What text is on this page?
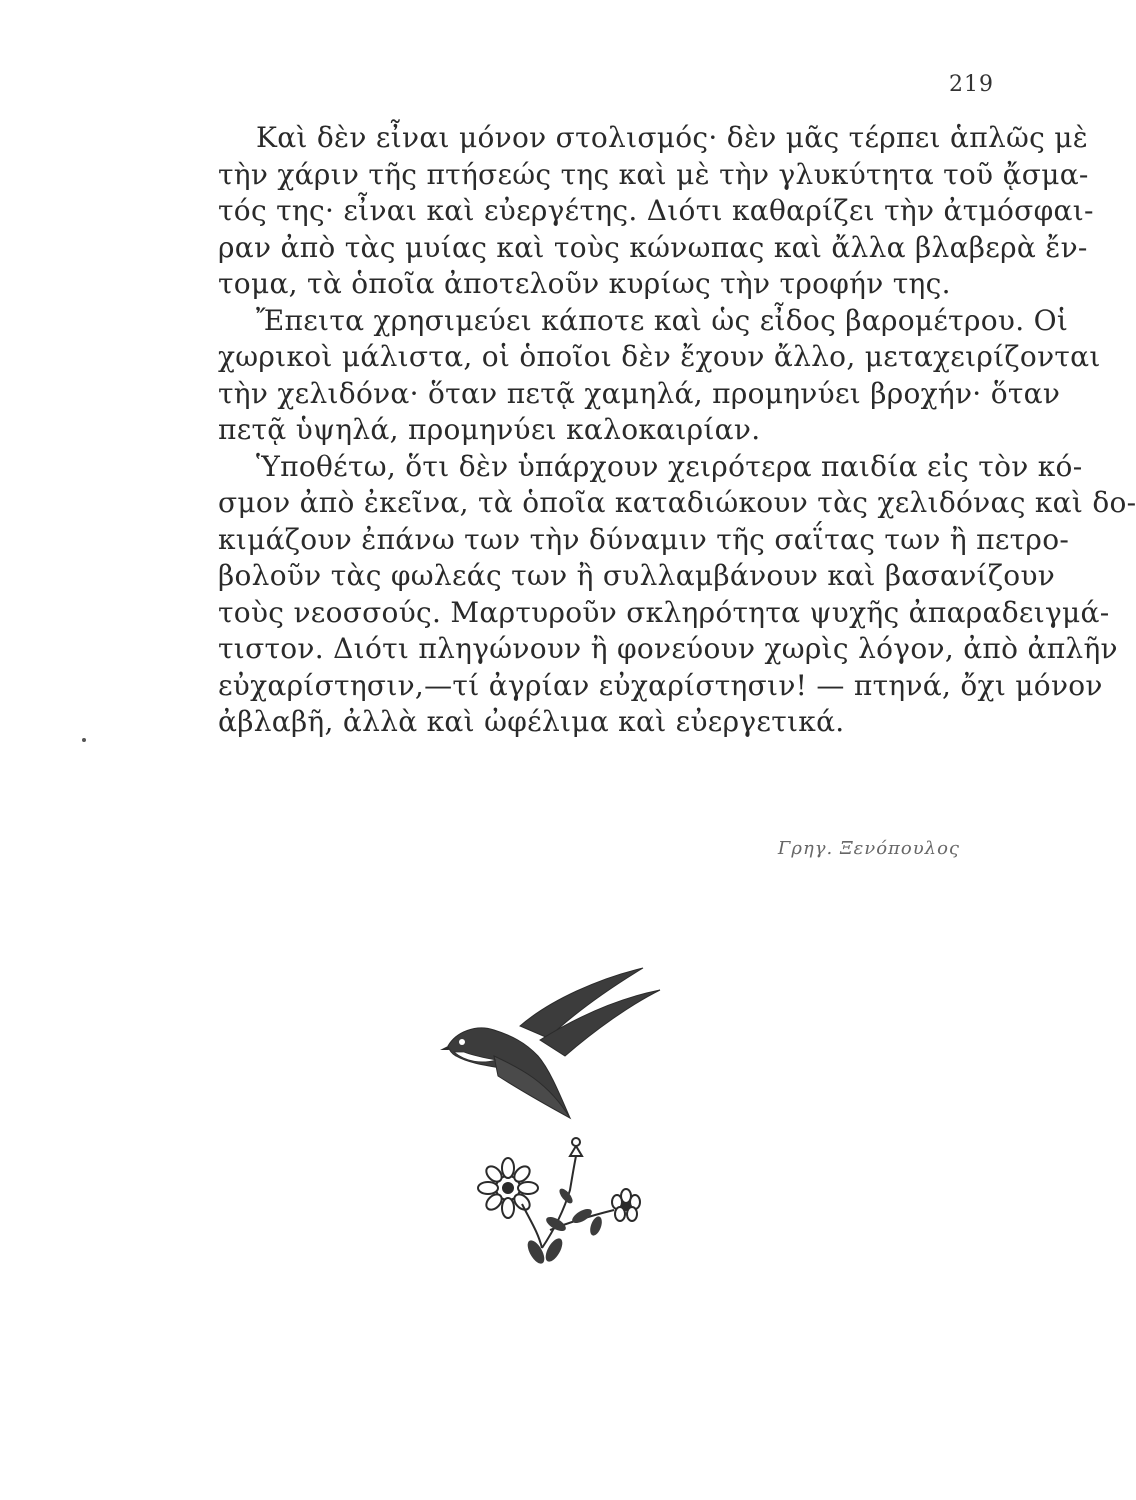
219
Καὶ δὲν εἶναι μόνον στολισμός· δὲν μᾶς τέρπει ἁπλῶς μὲ
τὴν χάριν τῆς πτήσεώς της καὶ μὲ τὴν γλυκύτητα τοῦ ᾄσμα-
τός της· εἶναι καὶ εὐεργέτης. Διότι καθαρίζει τὴν ἀτμόσφαι-
ραν ἀπὸ τὰς μυίας καὶ τοὺς κώνωπας καὶ ἄλλα βλαβερὰ ἔν-
τομα, τὰ ὁποῖα ἀποτελοῦν κυρίως τὴν τροφήν της.
Ἔπειτα χρησιμεύει κάποτε καὶ ὡς εἶδος βαρομέτρου. Οἱ
χωρικοὶ μάλιστα, οἱ ὁποῖοι δὲν ἔχουν ἄλλο, μεταχειρίζονται
τὴν χελιδόνα· ὅταν πετᾷ χαμηλά, προμηνύει βροχήν· ὅταν
πετᾷ ὑψηλά, προμηνύει καλοκαιρίαν.
Ὑποθέτω, ὅτι δὲν ὑπάρχουν χειρότερα παιδία εἰς τὸν κό-
σμον ἀπὸ ἐκεῖνα, τὰ ὁποῖα καταδιώκουν τὰς χελιδόνας καὶ δο-
κιμάζουν ἐπάνω των τὴν δύναμιν τῆς σαΐτας των ἢ πετρο-
βολοῦν τὰς φωλεάς των ἢ συλλαμβάνουν καὶ βασανίζουν
τοὺς νεοσσούς. Μαρτυροῦν σκληρότητα ψυχῆς ἀπαραδειγμά-
τιστον. Διότι πληγώνουν ἢ φονεύουν χωρὶς λόγον, ἀπὸ ἀπλῆν
εὐχαρίστησιν,—τί ἀγρίαν εὐχαρίστησιν! — πτηνά, ὄχι μόνον
ἀβλαβῆ, ἀλλὰ καὶ ὠφέλιμα καὶ εὐεργετικά.
Γρηγ. Ξενόπουλος
